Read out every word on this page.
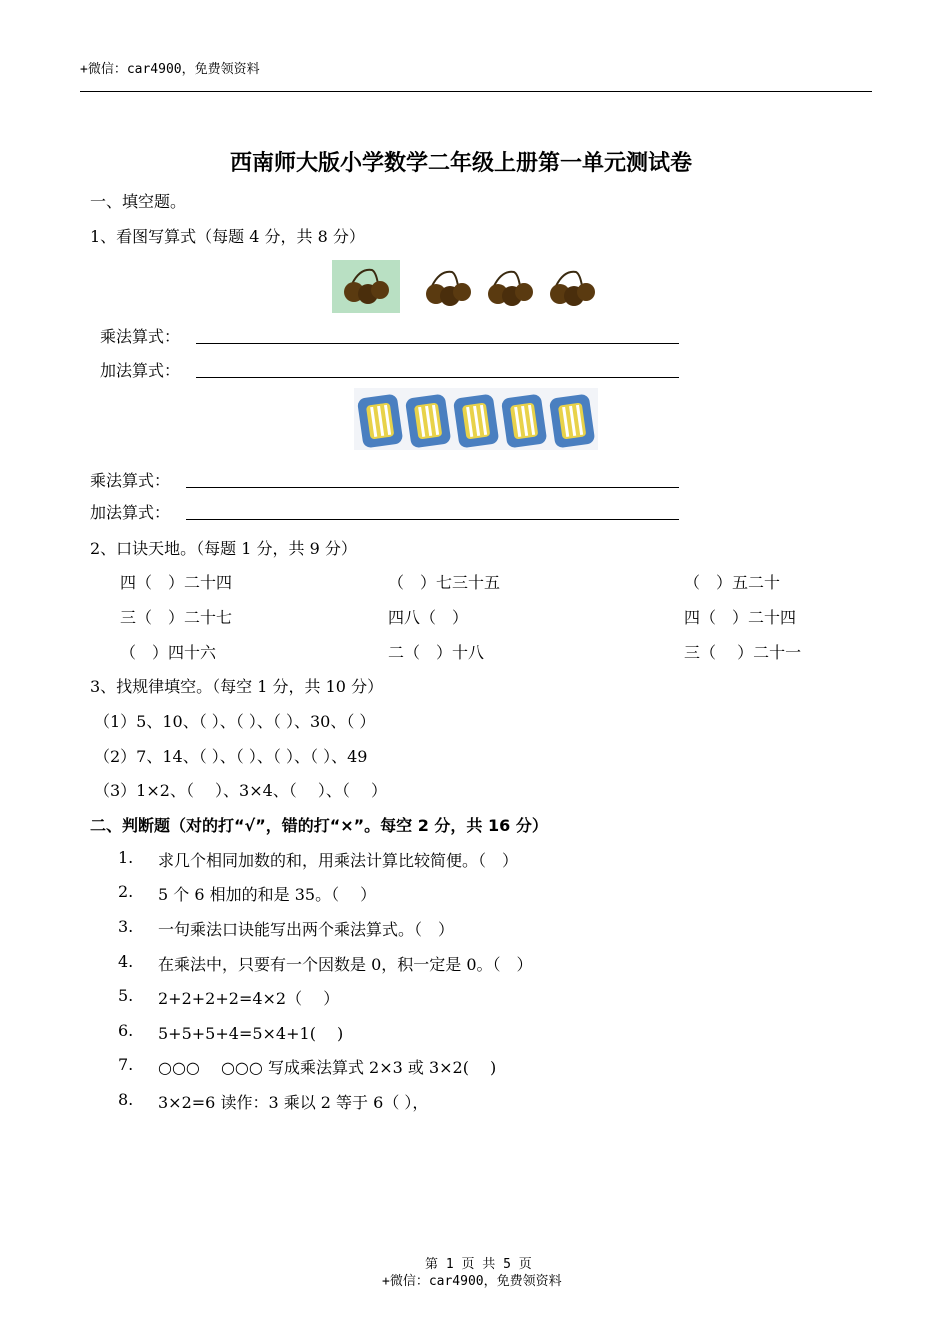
+微信：car4900，免费领资料
西南师大版小学数学二年级上册第一单元测试卷
一、填空题。
1、看图写算式（每题 4 分，共 8 分）
乘法算式：
加法算式：
乘法算式：
加法算式：
2、口诀天地。（每题 1 分，共 9 分）
四（　）二十四	（　）七三十五	（　）五二十
三（　）二十七	四八（　）	四（　）二十四
（　）四十六	二（　）十八	三（　 ）二十一
3、找规律填空。（每空 1 分，共 10 分）
（1）5、10、（ ）、（ ）、（ ）、30、（ ）
（2）7、14、（ ）、（ ）、（ ）、（ ）、49
（3）1×2、（　 ）、3×4、（　 ）、（　 ）
二、判断题（对的打“√”，错的打“×”。每空 2 分，共 16 分）
1. 求几个相同加数的和，用乘法计算比较简便。（　）
2. 5 个 6 相加的和是 35。（　 ）
3. 一句乘法口诀能写出两个乘法算式。（　）
4. 在乘法中，只要有一个因数是 0，积一定是 0。（　）
5. 2+2+2+2=4×2（　 ）
6. 5+5+5+4=5×4+1(　 )
7. ○○○　 ○○○ 写成乘法算式 2×3 或 3×2(　 )
8. 3×2=6 读作：3 乘以 2 等于 6（ ），
第 1 页 共 5 页
+微信：car4900，免费领资料
